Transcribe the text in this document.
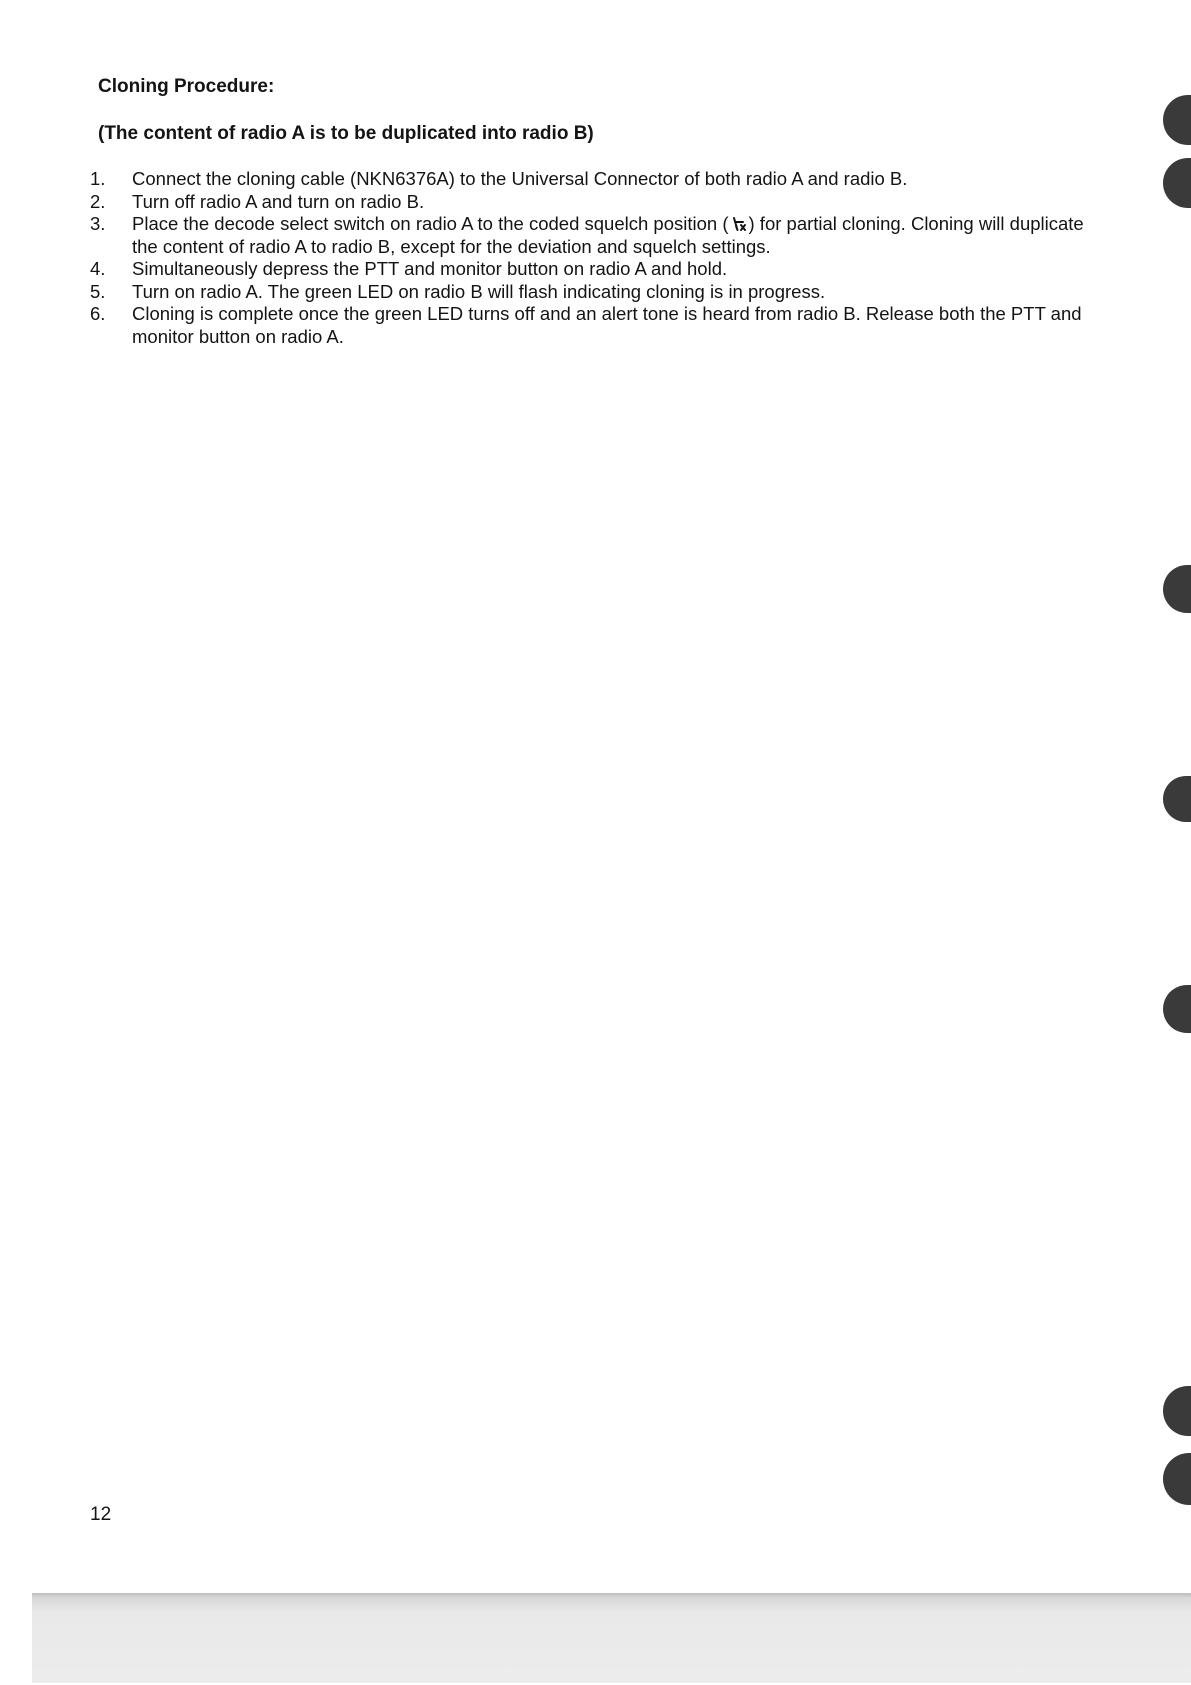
Cloning Procedure:
(The content of radio A is to be duplicated into radio B)
1. Connect the cloning cable (NKN6376A) to the Universal Connector of both radio A and radio B.
2. Turn off radio A and turn on radio B.
3. Place the decode select switch on radio A to the coded squelch position ( ) for partial cloning. Cloning will duplicate the content of radio A to radio B, except for the deviation and squelch settings.
4. Simultaneously depress the PTT and monitor button on radio A and hold.
5. Turn on radio A. The green LED on radio B will flash indicating cloning is in progress.
6. Cloning is complete once the green LED turns off and an alert tone is heard from radio B. Release both the PTT and monitor button on radio A.

12
